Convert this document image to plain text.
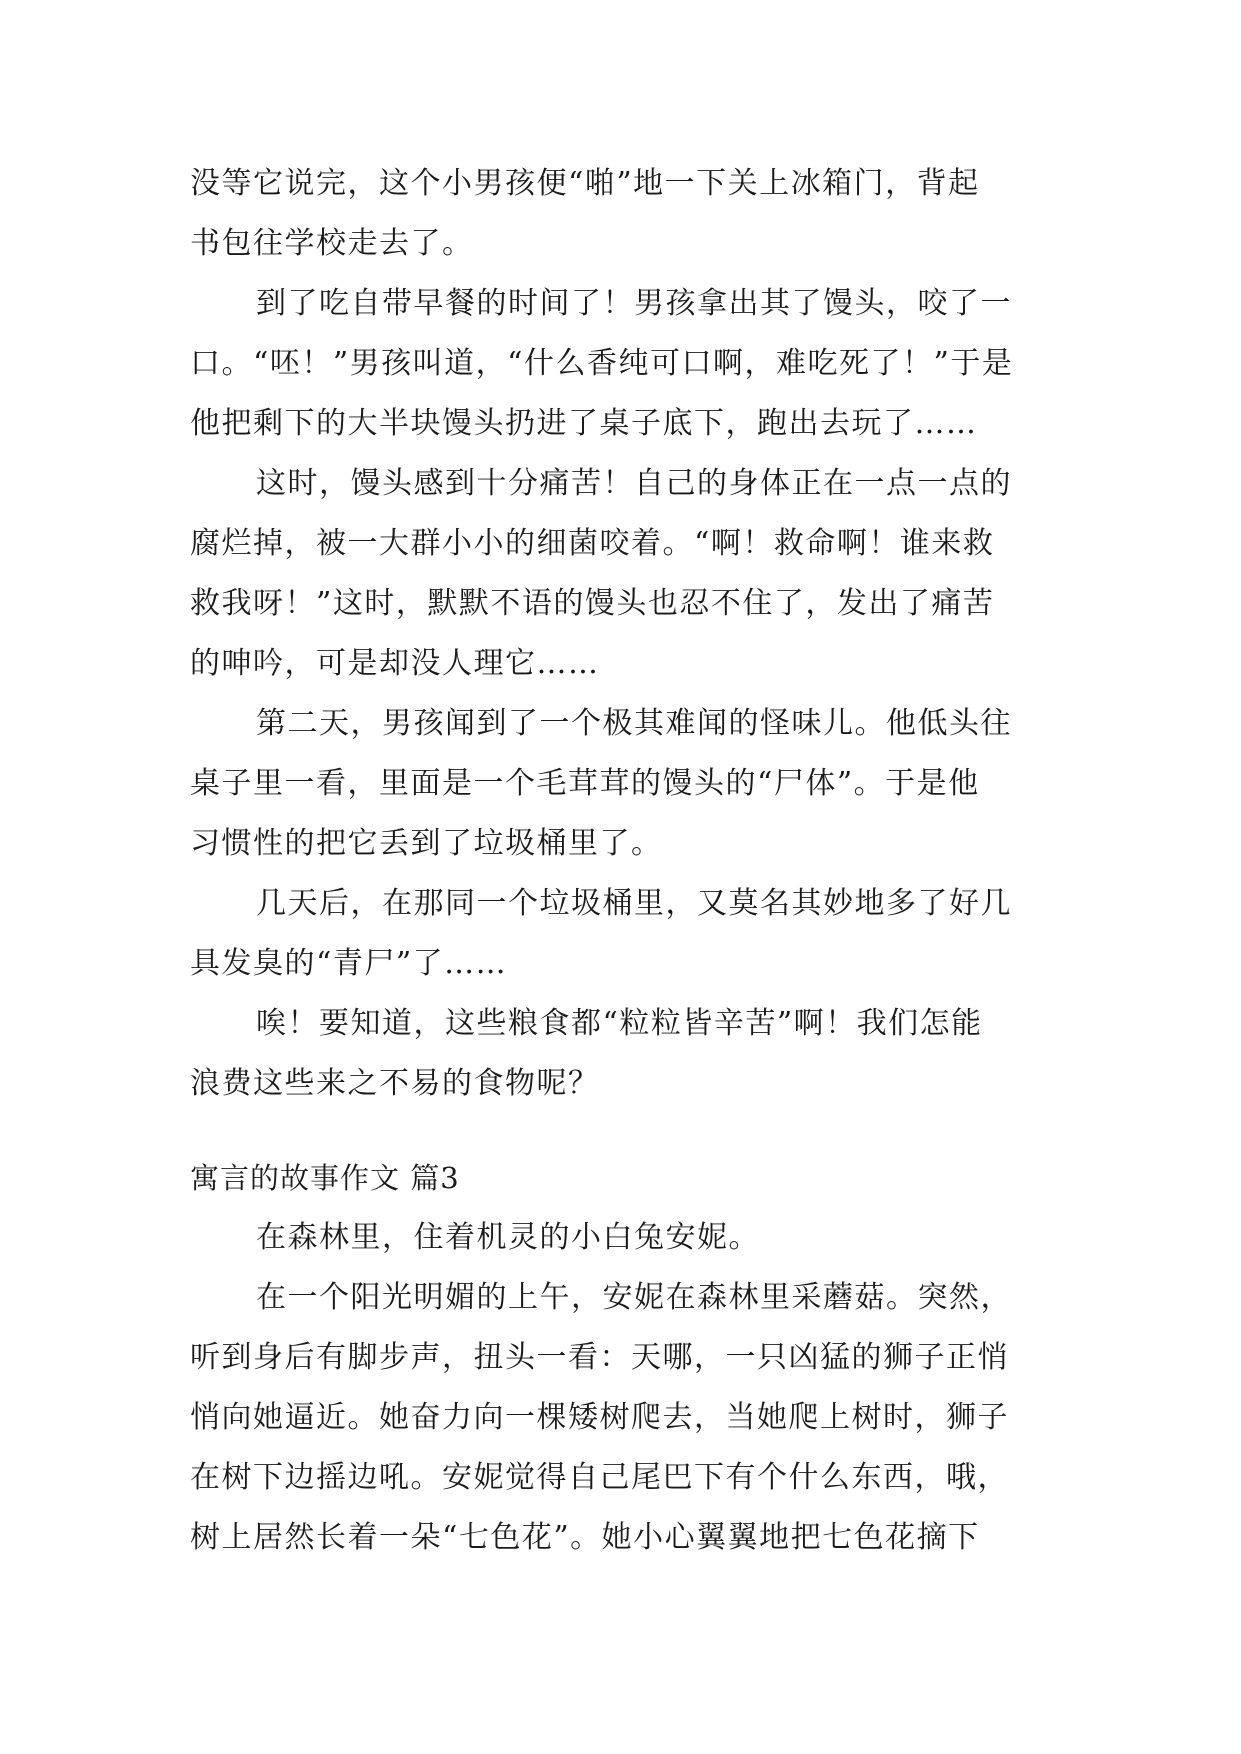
没等它说完，这个小男孩便“啪”地一下关上冰箱门，背起
书包往学校走去了。
到了吃自带早餐的时间了！男孩拿出其了馒头，咬了一
口。“呸！”男孩叫道，“什么香纯可口啊，难吃死了！”于是
他把剩下的大半块馒头扔进了桌子底下，跑出去玩了……
这时，馒头感到十分痛苦！自己的身体正在一点一点的
腐烂掉，被一大群小小的细菌咬着。“啊！救命啊！谁来救
救我呀！”这时，默默不语的馒头也忍不住了，发出了痛苦
的呻吟，可是却没人理它……
第二天，男孩闻到了一个极其难闻的怪味儿。他低头往
桌子里一看，里面是一个毛茸茸的馒头的“尸体”。于是他
习惯性的把它丢到了垃圾桶里了。
几天后，在那同一个垃圾桶里，又莫名其妙地多了好几
具发臭的“青尸”了……
唉！要知道，这些粮食都“粒粒皆辛苦”啊！我们怎能
浪费这些来之不易的食物呢？
寓言的故事作文 篇3
在森林里，住着机灵的小白兔安妮。
在一个阳光明媚的上午，安妮在森林里采蘑菇。突然，
听到身后有脚步声，扭头一看：天哪，一只凶猛的狮子正悄
悄向她逼近。她奋力向一棵矮树爬去，当她爬上树时，狮子
在树下边摇边吼。安妮觉得自己尾巴下有个什么东西，哦，
树上居然长着一朵“七色花”。她小心翼翼地把七色花摘下
